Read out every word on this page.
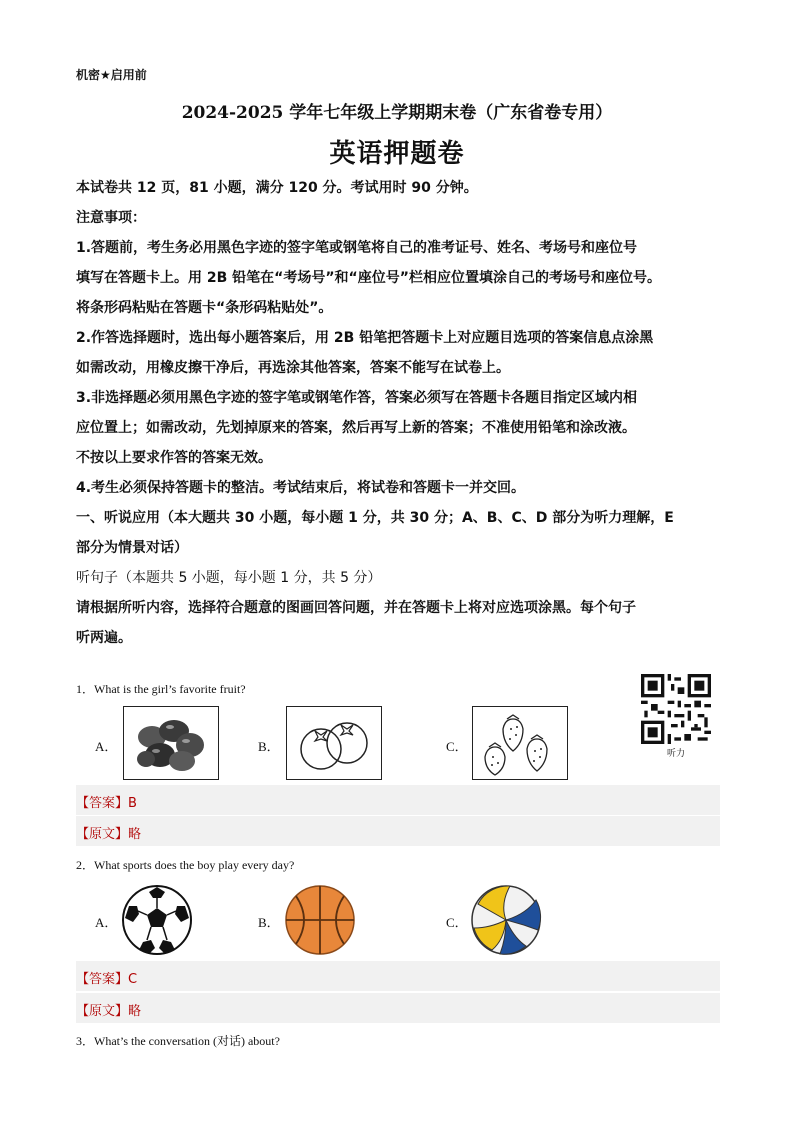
机密★启用前
2024-2025 学年七年级上学期期末卷（广东省卷专用）
英语押题卷
本试卷共 12 页，81 小题，满分 120 分。考试用时 90 分钟。
注意事项：
1.答题前，考生务必用黑色字迹的签字笔或钢笔将自己的准考证号、姓名、考场号和座位号
填写在答题卡上。用 2B 铅笔在“考场号”和“座位号”栏相应位置填涂自己的考场号和座位号。
将条形码粘贴在答题卡“条形码粘贴处”。
2.作答选择题时，选出每小题答案后，用 2B 铅笔把答题卡上对应题目选项的答案信息点涂黑
如需改动，用橡皮擦干净后，再选涂其他答案，答案不能写在试卷上。
3.非选择题必须用黑色字迹的签字笔或钢笔作答，答案必须写在答题卡各题目指定区域内相
应位置上；如需改动，先划掉原来的答案，然后再写上新的答案；不准使用铅笔和涂改液。
不按以上要求作答的答案无效。
4.考生必须保持答题卡的整洁。考试结束后，将试卷和答题卡一并交回。
一、听说应用（本大题共 30 小题，每小题 1 分，共 30 分；A、B、C、D 部分为听力理解，E
部分为情景对话）
听句子（本题共 5 小题，每小题 1 分，共 5 分）
请根据所听内容，选择符合题意的图画回答问题，并在答题卡上将对应选项涂黑。每个句子
听两遍。
听力
1．What is the girl’s favorite fruit?
A．	B．	C．
【答案】B
【原文】略
2．What sports does the boy play every day?
A．	B．	C．
【答案】C
【原文】略
3．What’s the conversation (对话) about?
